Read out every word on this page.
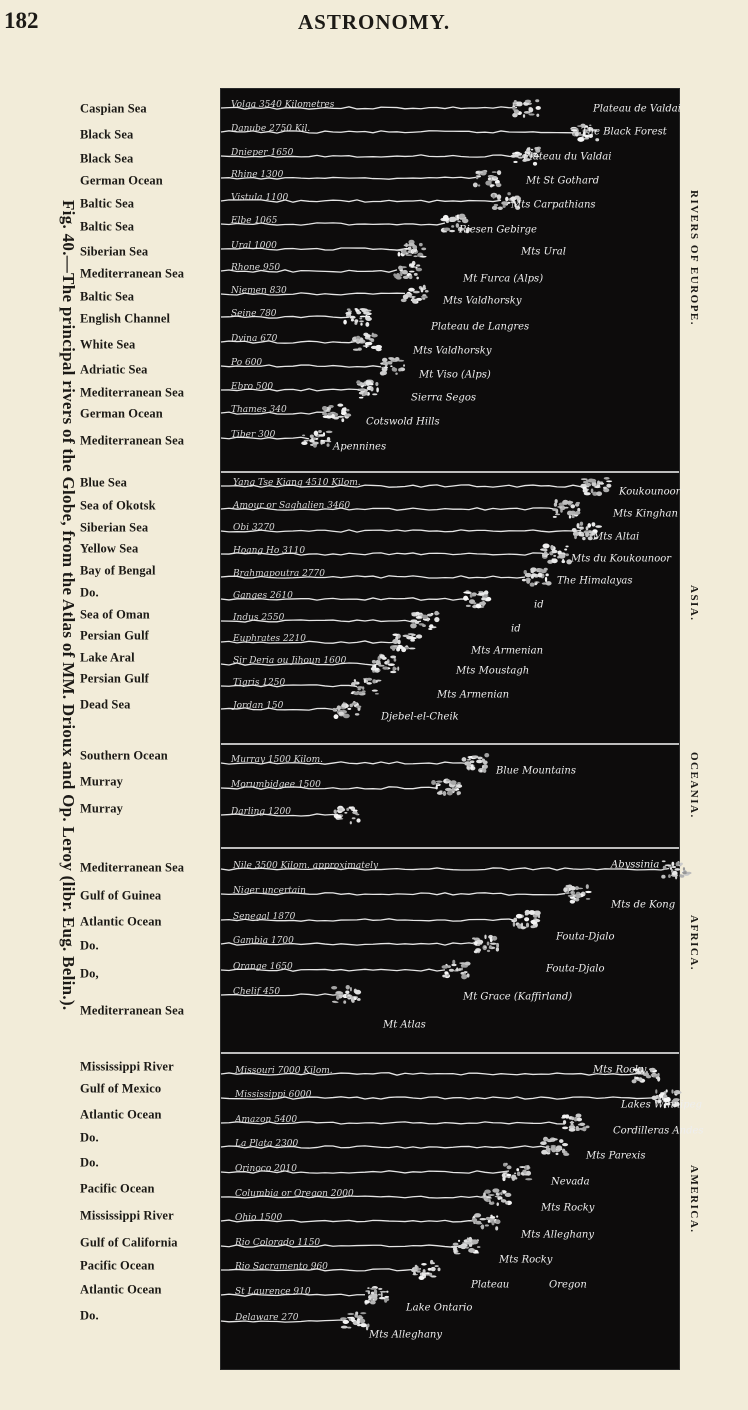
182	ASTRONOMY.
Fig. 40.—The principal rivers of the Globe, from the Atlas of MM. Drioux and Op. Leroy (libr. Eug. Belin.).
Caspian Sea
Black Sea
Black Sea
German Ocean
Baltic Sea
Baltic Sea
Siberian Sea
Mediterranean Sea
Baltic Sea
English Channel
White Sea
Adriatic Sea
Mediterranean Sea
German Ocean
Mediterranean Sea
Blue Sea
Sea of Okotsk
Siberian Sea
Yellow Sea
Bay of Bengal
Do.
Sea of Oman
Persian Gulf
Lake Aral
Persian Gulf
Dead Sea
Southern Ocean
Murray
Murray
Mediterranean Sea
Gulf of Guinea
Atlantic Ocean
Do.
Do,
Mediterranean Sea
Mississippi River
Gulf of Mexico
Atlantic Ocean
Do.
Do.
Pacific Ocean
Mississippi River
Gulf of California
Pacific Ocean
Atlantic Ocean
Do.
Volga 3540 Kilometres
Danube 2750 Kil.
Dnieper 1650
Rhine 1300
Vistula 1100
Elbe 1065
Ural 1000
Rhone 950
Niemen 830
Seine 780
Dvina 670
Po 600
Ebro 500
Thames 340
Tiber 300
Yang Tse Kiang 4510 Kilom.
Amour or Saghalien 3460
Obi 3270
Hoang Ho 3110
Brahmapoutra 2770
Ganges 2610
Indus 2550
Euphrates 2210
Sir Deria ou Jihoun 1600
Tigris 1250
Jordan 150
Murray 1500 Kilom.
Morumbidgee 1500
Darling 1200
Nile 3500 Kilom. approximately
Niger uncertain
Senegal 1870
Gambia 1700
Orange 1650
Chelif 450
Missouri 7000 Kilom.
Mississippi 6000
Amazon 5400
La Plata 2300
Orinoco 2010
Columbia or Oregon 2000
Ohio 1500
Rio Colorado 1150
Rio Sacramento 960
St Laurence 910
Delaware 270
Plateau de Valdai
The Black Forest
Plateau du Valdai
Mt St Gothard
Mts Carpathians
Riesen Gebirge
Mts Ural
Mt Furca (Alps)
Mts Valdhorsky
Plateau de Langres
Mts Valdhorsky
Mt Viso (Alps)
Sierra Segos
Cotswold Hills
Apennines
Koukounoor
Mts Kinghan
Mts Altai
Mts du Koukounoor
The Himalayas
id
id
Mts Armenian
Mts Moustagh
Mts Armenian
Djebel-el-Cheik
Blue Mountains
Abyssinia
Mts de Kong
Fouta-Djalo
Fouta-Djalo
Mt Grace (Kaffirland)
Mt Atlas
Mts Rocky
Lakes Winnipeg
Cordilleras Andes
Mts Parexis
Nevada
Mts Rocky
Mts Alleghany
Mts Rocky
Plateau	Oregon
Lake Ontario
Mts Alleghany
RIVERS OF EUROPE.
ASIA.
OCEANIA.
AFRICA.
AMERICA.
